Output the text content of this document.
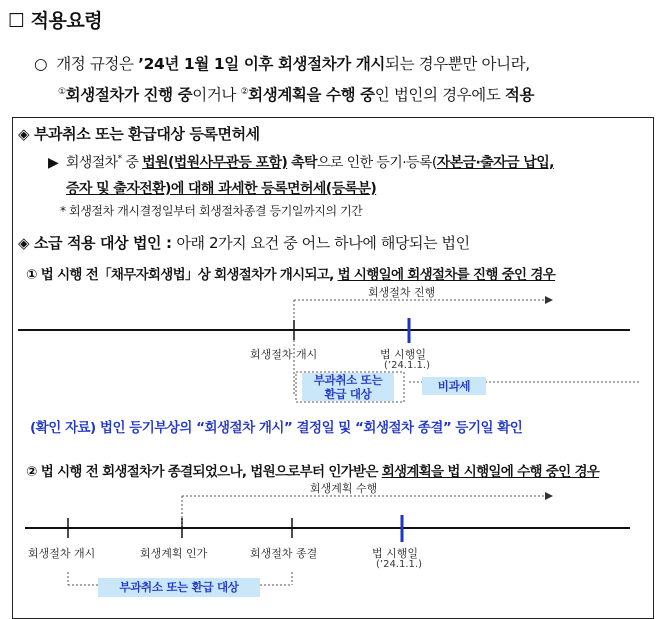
☐ 적용요령
○ 개정 규정은 ’24년 1월 1일 이후 회생절차가 개시되는 경우뿐만 아니라,
①회생절차가 진행 중이거나 ②회생계획을 수행 중인 법인의 경우에도 적용
◈ 부과취소 또는 환급대상 등록면허세
▶ 회생절차* 중 법원(법원사무관등 포함) 촉탁으로 인한 등기·등록(자본금·출자금 납입,
증자 및 출자전환)에 대해 과세한 등록면허세(등록분)
* 회생절차 개시결정일부터 회생절차종결 등기일까지의 기간
◈ 소급 적용 대상 법인 : 아래 2가지 요건 중 어느 하나에 해당되는 법인
① 법 시행 전「채무자회생법」상 회생절차가 개시되고, 법 시행일에 회생절차를 진행 중인 경우
회생절차 진행
회생절차 개시	법 시행일
(’24.1.1.)
부과취소 또는
환급 대상
비과세
(확인 자료) 법인 등기부상의 “회생절차 개시” 결정일 및 “회생절차 종결” 등기일 확인
② 법 시행 전 회생절차가 종결되었으나, 법원으로부터 인가받은 회생계획을 법 시행일에 수행 중인 경우
회생계획 수행
회생절차 개시	회생계획 인가	회생절차 종결	법 시행일
(’24.1.1.)
부과취소 또는 환급 대상
